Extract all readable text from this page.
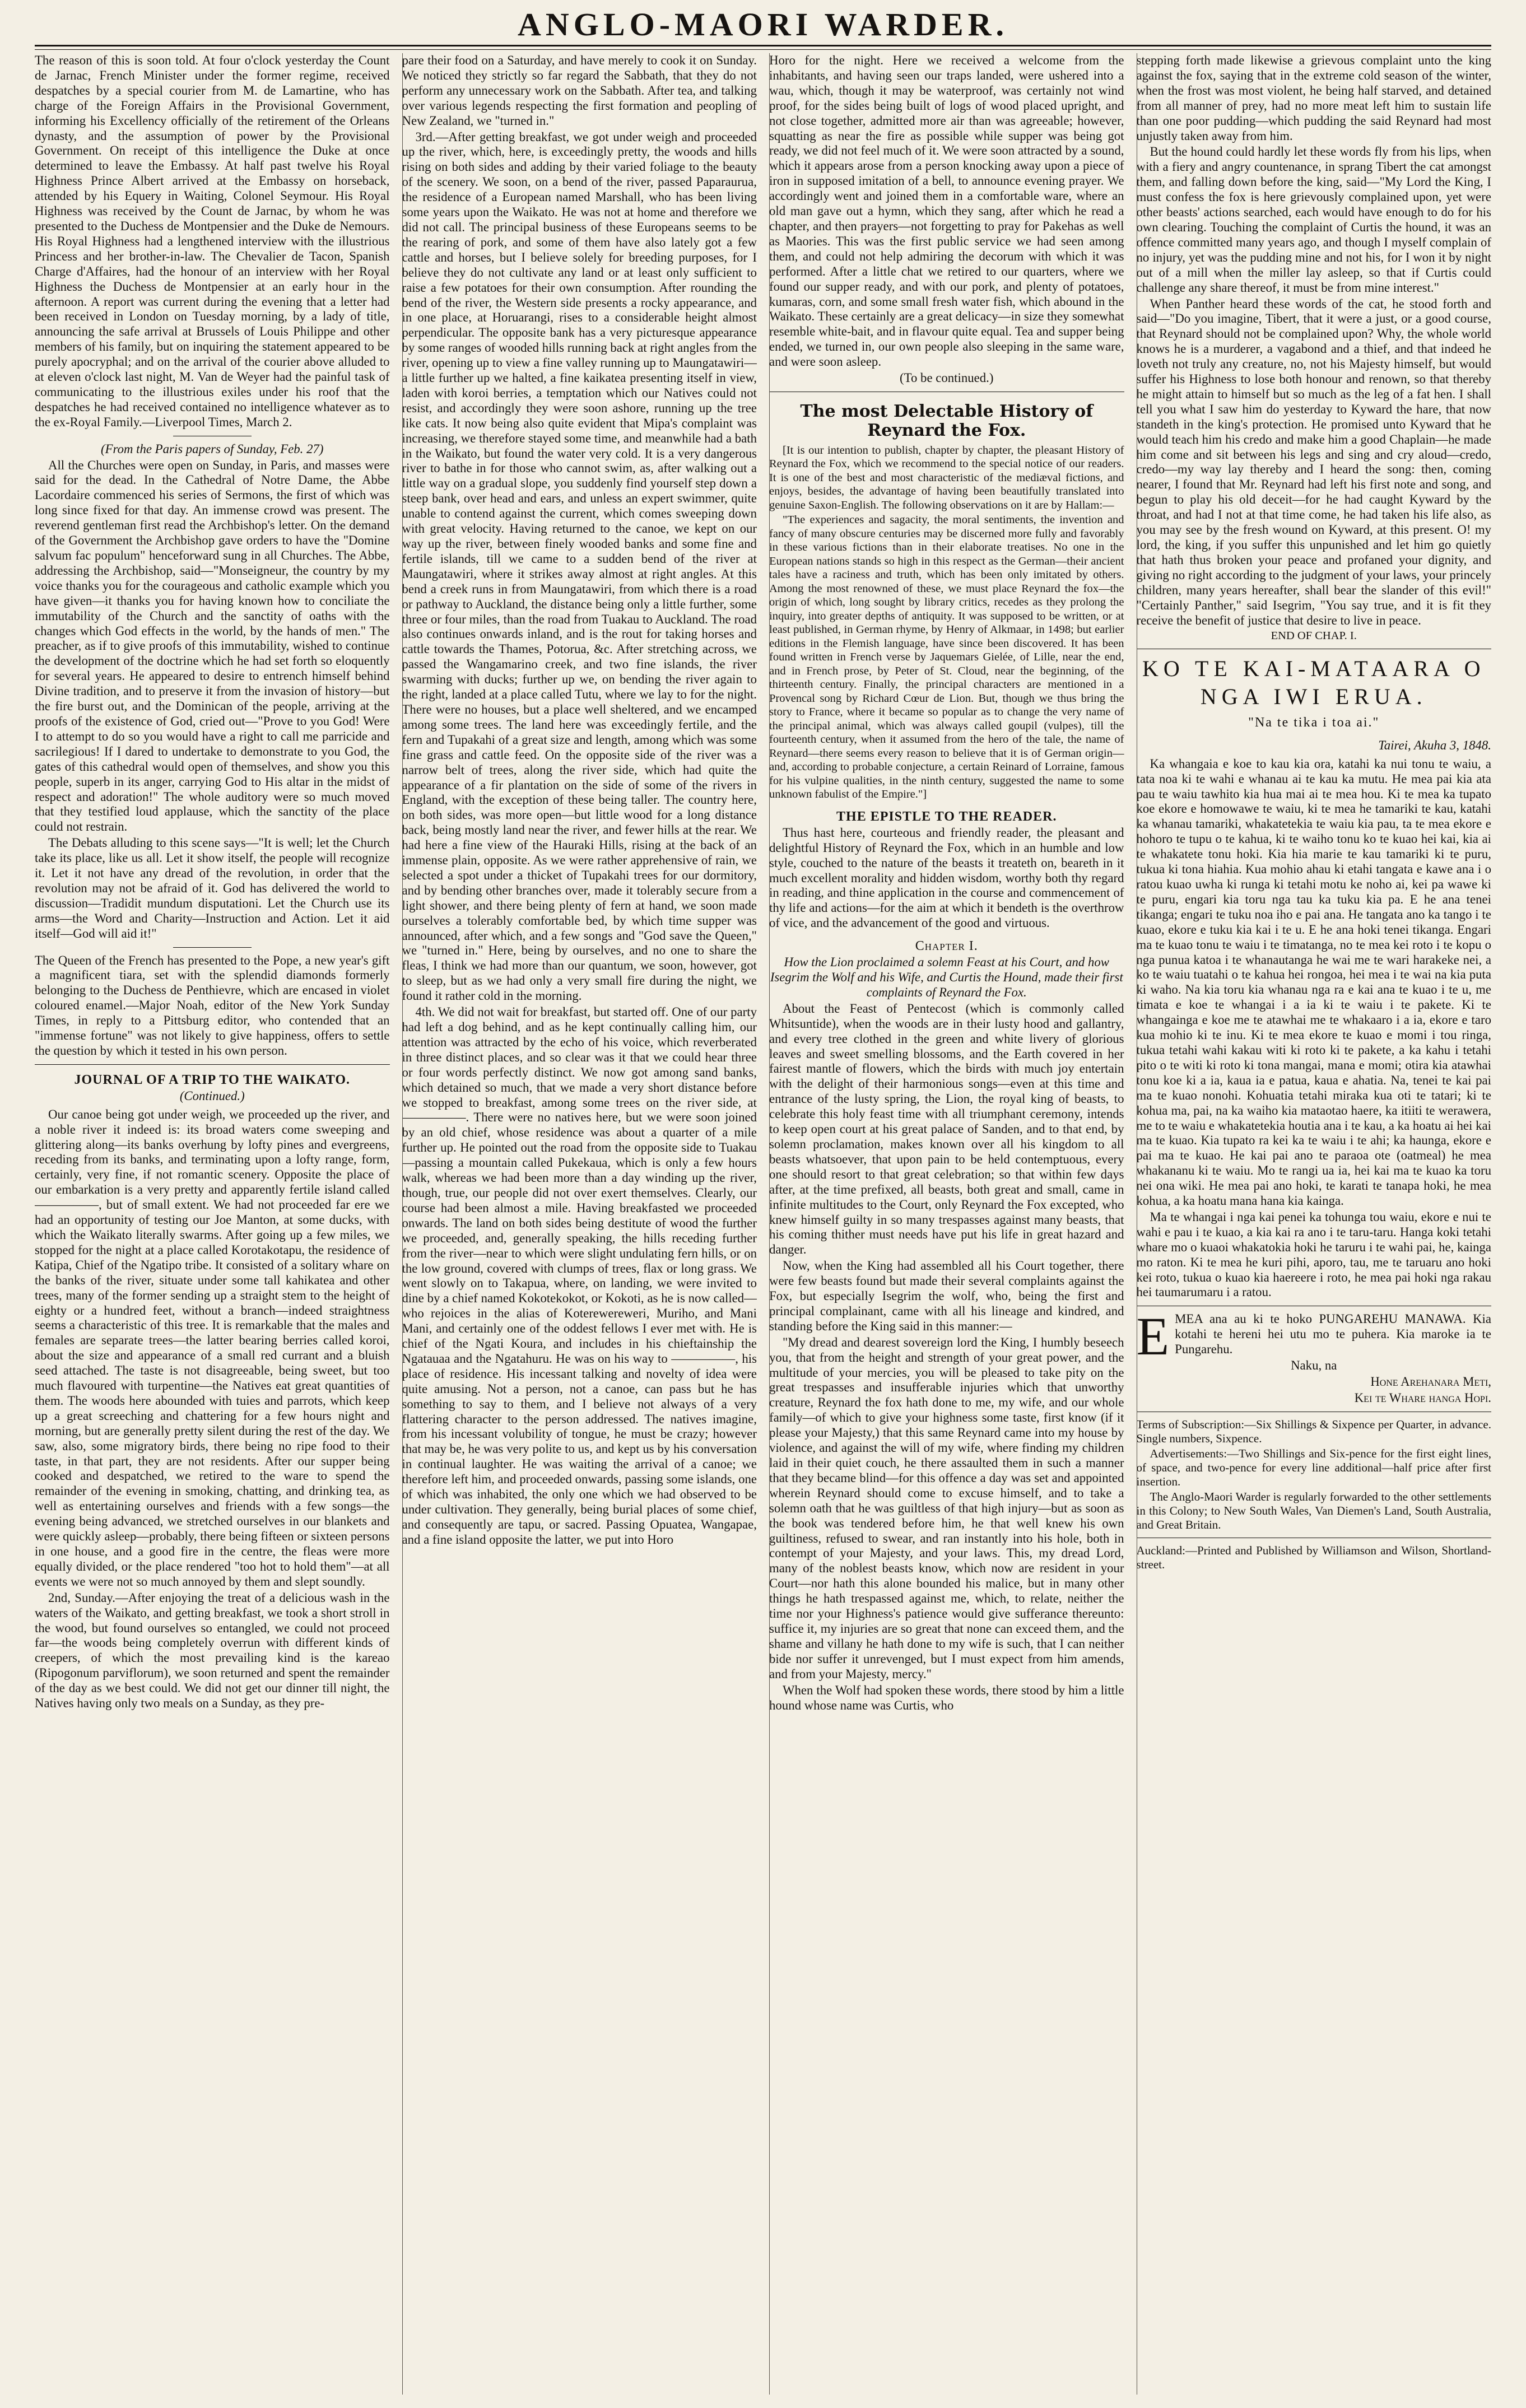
ANGLO-MAORI WARDER.

The reason of this is soon told. At four o'clock yesterday the Count de Jarnac, French Minister under the former regime, received despatches by a special courier from M. de Lamartine, who has charge of the Foreign Affairs in the Provisional Government, informing his Excellency officially of the retirement of the Orleans dynasty, and the assumption of power by the Provisional Government. On receipt of this intelligence the Duke at once determined to leave the Embassy. At half past twelve his Royal Highness Prince Albert arrived at the Embassy on horseback, attended by his Equery in Waiting, Colonel Seymour. His Royal Highness was received by the Count de Jarnac, by whom he was presented to the Duchess de Montpensier and the Duke de Nemours. His Royal Highness had a lengthened interview with the illustrious Princess and her brother-in-law. The Chevalier de Tacon, Spanish Charge d'Affaires, had the honour of an interview with her Royal Highness the Duchess de Montpensier at an early hour in the afternoon. A report was current during the evening that a letter had been received in London on Tuesday morning, by a lady of title, announcing the safe arrival at Brussels of Louis Philippe and other members of his family, but on inquiring the statement appeared to be purely apocryphal; and on the arrival of the courier above alluded to at eleven o'clock last night, M. Van de Weyer had the painful task of communicating to the illustrious exiles under his roof that the despatches he had received contained no intelligence whatever as to the ex-Royal Family.—Liverpool Times, March 2.

(From the Paris papers of Sunday, Feb. 27)

All the Churches were open on Sunday, in Paris, and masses were said for the dead. In the Cathedral of Notre Dame, the Abbe Lacordaire commenced his series of Sermons, the first of which was long since fixed for that day. An immense crowd was present. The reverend gentleman first read the Archbishop's letter. On the demand of the Government the Archbishop gave orders to have the "Domine salvum fac populum" henceforward sung in all Churches. The Abbe, addressing the Archbishop, said—"Monseigneur, the country by my voice thanks you for the courageous and catholic example which you have given—it thanks you for having known how to conciliate the immutability of the Church and the sanctity of oaths with the changes which God effects in the world, by the hands of men." The preacher, as if to give proofs of this immutability, wished to continue the development of the doctrine which he had set forth so eloquently for several years. He appeared to desire to entrench himself behind Divine tradition, and to preserve it from the invasion of history—but the fire burst out, and the Dominican of the people, arriving at the proofs of the existence of God, cried out—"Prove to you God! Were I to attempt to do so you would have a right to call me parricide and sacrilegious! If I dared to undertake to demonstrate to you God, the gates of this cathedral would open of themselves, and show you this people, superb in its anger, carrying God to His altar in the midst of respect and adoration!" The whole auditory were so much moved that they testified loud applause, which the sanctity of the place could not restrain.

The Debats alluding to this scene says—"It is well; let the Church take its place, like us all. Let it show itself, the people will recognize it. Let it not have any dread of the revolution, in order that the revolution may not be afraid of it. God has delivered the world to discussion—Tradidit mundum disputationi. Let the Church use its arms—the Word and Charity—Instruction and Action. Let it aid itself—God will aid it!"

The Queen of the French has presented to the Pope, a new year's gift a magnificent tiara, set with the splendid diamonds formerly belonging to the Duchess de Penthievre, which are encased in violet coloured enamel.—Major Noah, editor of the New York Sunday Times, in reply to a Pittsburg editor, who contended that an "immense fortune" was not likely to give happiness, offers to settle the question by which it tested in his own person.

JOURNAL OF A TRIP TO THE WAIKATO.
(Continued.)

Our canoe being got under weigh, we proceeded up the river, and a noble river it indeed is: its broad waters come sweeping and glittering along—its banks overhung by lofty pines and evergreens, receding from its banks, and terminating upon a lofty range, form, certainly, very fine, if not romantic scenery. Opposite the place of our embarkation is a very pretty and apparently fertile island called —————, but of small extent. We had not proceeded far ere we had an opportunity of testing our Joe Manton, at some ducks, with which the Waikato literally swarms. After going up a few miles, we stopped for the night at a place called Korotakotapu, the residence of Katipa, Chief of the Ngatipo tribe. It consisted of a solitary whare on the banks of the river, situate under some tall kahikatea and other trees, many of the former sending up a straight stem to the height of eighty or a hundred feet, without a branch—indeed straightness seems a characteristic of this tree. It is remarkable that the males and females are separate trees—the latter bearing berries called koroi, about the size and appearance of a small red currant and a bluish seed attached. The taste is not disagreeable, being sweet, but too much flavoured with turpentine—the Natives eat great quantities of them. The woods here abounded with tuies and parrots, which keep up a great screeching and chattering for a few hours night and morning, but are generally pretty silent during the rest of the day. We saw, also, some migratory birds, there being no ripe food to their taste, in that part, they are not residents. After our supper being cooked and despatched, we retired to the ware to spend the remainder of the evening in smoking, chatting, and drinking tea, as well as entertaining ourselves and friends with a few songs—the evening being advanced, we stretched ourselves in our blankets and were quickly asleep—probably, there being fifteen or sixteen persons in one house, and a good fire in the centre, the fleas were more equally divided, or the place rendered "too hot to hold them"—at all events we were not so much annoyed by them and slept soundly.

2nd, Sunday.—After enjoying the treat of a delicious wash in the waters of the Waikato, and getting breakfast, we took a short stroll in the wood, but found ourselves so entangled, we could not proceed far—the woods being completely overrun with different kinds of creepers, of which the most prevailing kind is the kareao (Ripogonum parviflorum), we soon returned and spent the remainder of the day as we best could. We did not get our dinner till night, the Natives having only two meals on a Sunday, as they pre-

pare their food on a Saturday, and have merely to cook it on Sunday. We noticed they strictly so far regard the Sabbath, that they do not perform any unnecessary work on the Sabbath. After tea, and talking over various legends respecting the first formation and peopling of New Zealand, we "turned in."

3rd.—After getting breakfast, we got under weigh and proceeded up the river, which, here, is exceedingly pretty, the woods and hills rising on both sides and adding by their varied foliage to the beauty of the scenery. We soon, on a bend of the river, passed Paparaurua, the residence of a European named Marshall, who has been living some years upon the Waikato. He was not at home and therefore we did not call. The principal business of these Europeans seems to be the rearing of pork, and some of them have also lately got a few cattle and horses, but I believe solely for breeding purposes, for I believe they do not cultivate any land or at least only sufficient to raise a few potatoes for their own consumption. After rounding the bend of the river, the Western side presents a rocky appearance, and in one place, at Horuarangi, rises to a considerable height almost perpendicular. The opposite bank has a very picturesque appearance by some ranges of wooded hills running back at right angles from the river, opening up to view a fine valley running up to Maungatawiri—a little further up we halted, a fine kaikatea presenting itself in view, laden with koroi berries, a temptation which our Natives could not resist, and accordingly they were soon ashore, running up the tree like cats. It now being also quite evident that Mipa's complaint was increasing, we therefore stayed some time, and meanwhile had a bath in the Waikato, but found the water very cold. It is a very dangerous river to bathe in for those who cannot swim, as, after walking out a little way on a gradual slope, you suddenly find yourself step down a steep bank, over head and ears, and unless an expert swimmer, quite unable to contend against the current, which comes sweeping down with great velocity. Having returned to the canoe, we kept on our way up the river, between finely wooded banks and some fine and fertile islands, till we came to a sudden bend of the river at Maungatawiri, where it strikes away almost at right angles. At this bend a creek runs in from Maungatawiri, from which there is a road or pathway to Auckland, the distance being only a little further, some three or four miles, than the road from Tuakau to Auckland. The road also continues onwards inland, and is the rout for taking horses and cattle towards the Thames, Potorua, &c. After stretching across, we passed the Wangamarino creek, and two fine islands, the river swarming with ducks; further up we, on bending the river again to the right, landed at a place called Tutu, where we lay to for the night. There were no houses, but a place well sheltered, and we encamped among some trees. The land here was exceedingly fertile, and the fern and Tupakahi of a great size and length, among which was some fine grass and cattle feed. On the opposite side of the river was a narrow belt of trees, along the river side, which had quite the appearance of a fir plantation on the side of some of the rivers in England, with the exception of these being taller. The country here, on both sides, was more open—but little wood for a long distance back, being mostly land near the river, and fewer hills at the rear. We had here a fine view of the Hauraki Hills, rising at the back of an immense plain, opposite. As we were rather apprehensive of rain, we selected a spot under a thicket of Tupakahi trees for our dormitory, and by bending other branches over, made it tolerably secure from a light shower, and there being plenty of fern at hand, we soon made ourselves a tolerably comfortable bed, by which time supper was announced, after which, and a few songs and "God save the Queen," we "turned in." Here, being by ourselves, and no one to share the fleas, I think we had more than our quantum, we soon, however, got to sleep, but as we had only a very small fire during the night, we found it rather cold in the morning.

4th. We did not wait for breakfast, but started off. One of our party had left a dog behind, and as he kept continually calling him, our attention was attracted by the echo of his voice, which reverberated in three distinct places, and so clear was it that we could hear three or four words perfectly distinct. We now got among sand banks, which detained so much, that we made a very short distance before we stopped to breakfast, among some trees on the river side, at —————. There were no natives here, but we were soon joined by an old chief, whose residence was about a quarter of a mile further up. He pointed out the road from the opposite side to Tuakau—passing a mountain called Pukekaua, which is only a few hours walk, whereas we had been more than a day winding up the river, though, true, our people did not over exert themselves. Clearly, our course had been almost a mile. Having breakfasted we proceeded onwards. The land on both sides being destitute of wood the further we proceeded, and, generally speaking, the hills receding further from the river—near to which were slight undulating fern hills, or on the low ground, covered with clumps of trees, flax or long grass. We went slowly on to Takapua, where, on landing, we were invited to dine by a chief named Kokotekokot, or Kokoti, as he is now called—who rejoices in the alias of Koterewereweri, Muriho, and Mani Mani, and certainly one of the oddest fellows I ever met with. He is chief of the Ngati Koura, and includes in his chieftainship the Ngatauaa and the Ngatahuru. He was on his way to —————, his place of residence. His incessant talking and novelty of idea were quite amusing. Not a person, not a canoe, can pass but he has something to say to them, and I believe not always of a very flattering character to the person addressed. The natives imagine, from his incessant volubility of tongue, he must be crazy; however that may be, he was very polite to us, and kept us by his conversation in continual laughter. He was waiting the arrival of a canoe; we therefore left him, and proceeded onwards, passing some islands, one of which was inhabited, the only one which we had observed to be under cultivation. They generally, being burial places of some chief, and consequently are tapu, or sacred. Passing Opuatea, Wangapae, and a fine island opposite the latter, we put into Horo

Horo for the night. Here we received a welcome from the inhabitants, and having seen our traps landed, were ushered into a wau, which, though it may be waterproof, was certainly not wind proof, for the sides being built of logs of wood placed upright, and not close together, admitted more air than was agreeable; however, squatting as near the fire as possible while supper was being got ready, we did not feel much of it. We were soon attracted by a sound, which it appears arose from a person knocking away upon a piece of iron in supposed imitation of a bell, to announce evening prayer. We accordingly went and joined them in a comfortable ware, where an old man gave out a hymn, which they sang, after which he read a chapter, and then prayers—not forgetting to pray for Pakehas as well as Maories. This was the first public service we had seen among them, and could not help admiring the decorum with which it was performed. After a little chat we retired to our quarters, where we found our supper ready, and with our pork, and plenty of potatoes, kumaras, corn, and some small fresh water fish, which abound in the Waikato. These certainly are a great delicacy—in size they somewhat resemble white-bait, and in flavour quite equal. Tea and supper being ended, we turned in, our own people also sleeping in the same ware, and were soon asleep.

(To be continued.)

The most Delectable History of Reynard the Fox.

[It is our intention to publish, chapter by chapter, the pleasant History of Reynard the Fox, which we recommend to the special notice of our readers. It is one of the best and most characteristic of the mediæval fictions, and enjoys, besides, the advantage of having been beautifully translated into genuine Saxon-English. The following observations on it are by Hallam:—

"The experiences and sagacity, the moral sentiments, the invention and fancy of many obscure centuries may be discerned more fully and favorably in these various fictions than in their elaborate treatises. No one in the European nations stands so high in this respect as the German—their ancient tales have a raciness and truth, which has been only imitated by others. Among the most renowned of these, we must place Reynard the fox—the origin of which, long sought by library critics, recedes as they prolong the inquiry, into greater depths of antiquity. It was supposed to be written, or at least published, in German rhyme, by Henry of Alkmaar, in 1498; but earlier editions in the Flemish language, have since been discovered. It has been found written in French verse by Jaquemars Gielée, of Lille, near the end, and in French prose, by Peter of St. Cloud, near the beginning, of the thirteenth century. Finally, the principal characters are mentioned in a Provencal song by Richard Cœur de Lion. But, though we thus bring the story to France, where it became so popular as to change the very name of the principal animal, which was always called goupil (vulpes), till the fourteenth century, when it assumed from the hero of the tale, the name of Reynard—there seems every reason to believe that it is of German origin—and, according to probable conjecture, a certain Reinard of Lorraine, famous for his vulpine qualities, in the ninth century, suggested the name to some unknown fabulist of the Empire."]

THE EPISTLE TO THE READER.

Thus hast here, courteous and friendly reader, the pleasant and delightful History of Reynard the Fox, which in an humble and low style, couched to the nature of the beasts it treateth on, beareth in it much excellent morality and hidden wisdom, worthy both thy regard in reading, and thine application in the course and commencement of thy life and actions—for the aim at which it bendeth is the overthrow of vice, and the advancement of the good and virtuous.

Chapter I.

How the Lion proclaimed a solemn Feast at his Court, and how Isegrim the Wolf and his Wife, and Curtis the Hound, made their first complaints of Reynard the Fox.

About the Feast of Pentecost (which is commonly called Whitsuntide), when the woods are in their lusty hood and gallantry, and every tree clothed in the green and white livery of glorious leaves and sweet smelling blossoms, and the Earth covered in her fairest mantle of flowers, which the birds with much joy entertain with the delight of their harmonious songs—even at this time and entrance of the lusty spring, the Lion, the royal king of beasts, to celebrate this holy feast time with all triumphant ceremony, intends to keep open court at his great palace of Sanden, and to that end, by solemn proclamation, makes known over all his kingdom to all beasts whatsoever, that upon pain to be held contemptuous, every one should resort to that great celebration; so that within few days after, at the time prefixed, all beasts, both great and small, came in infinite multitudes to the Court, only Reynard the Fox excepted, who knew himself guilty in so many trespasses against many beasts, that his coming thither must needs have put his life in great hazard and danger.

Now, when the King had assembled all his Court together, there were few beasts found but made their several complaints against the Fox, but especially Isegrim the wolf, who, being the first and principal complainant, came with all his lineage and kindred, and standing before the King said in this manner:—

"My dread and dearest sovereign lord the King, I humbly beseech you, that from the height and strength of your great power, and the multitude of your mercies, you will be pleased to take pity on the great trespasses and insufferable injuries which that unworthy creature, Reynard the fox hath done to me, my wife, and our whole family—of which to give your highness some taste, first know (if it please your Majesty,) that this same Reynard came into my house by violence, and against the will of my wife, where finding my children laid in their quiet couch, he there assaulted them in such a manner that they became blind—for this offence a day was set and appointed wherein Reynard should come to excuse himself, and to take a solemn oath that he was guiltless of that high injury—but as soon as the book was tendered before him, he that well knew his own guiltiness, refused to swear, and ran instantly into his hole, both in contempt of your Majesty, and your laws. This, my dread Lord, many of the noblest beasts know, which now are resident in your Court—nor hath this alone bounded his malice, but in many other things he hath trespassed against me, which, to relate, neither the time nor your Highness's patience would give sufferance thereunto: suffice it, my injuries are so great that none can exceed them, and the shame and villany he hath done to my wife is such, that I can neither bide nor suffer it unrevenged, but I must expect from him amends, and from your Majesty, mercy."

When the Wolf had spoken these words, there stood by him a little hound whose name was Curtis, who

stepping forth made likewise a grievous complaint unto the king against the fox, saying that in the extreme cold season of the winter, when the frost was most violent, he being half starved, and detained from all manner of prey, had no more meat left him to sustain life than one poor pudding—which pudding the said Reynard had most unjustly taken away from him.

But the hound could hardly let these words fly from his lips, when with a fiery and angry countenance, in sprang Tibert the cat amongst them, and falling down before the king, said—"My Lord the King, I must confess the fox is here grievously complained upon, yet were other beasts' actions searched, each would have enough to do for his own clearing. Touching the complaint of Curtis the hound, it was an offence committed many years ago, and though I myself complain of no injury, yet was the pudding mine and not his, for I won it by night out of a mill when the miller lay asleep, so that if Curtis could challenge any share thereof, it must be from mine interest."

When Panther heard these words of the cat, he stood forth and said—"Do you imagine, Tibert, that it were a just, or a good course, that Reynard should not be complained upon? Why, the whole world knows he is a murderer, a vagabond and a thief, and that indeed he loveth not truly any creature, no, not his Majesty himself, but would suffer his Highness to lose both honour and renown, so that thereby he might attain to himself but so much as the leg of a fat hen. I shall tell you what I saw him do yesterday to Kyward the hare, that now standeth in the king's protection. He promised unto Kyward that he would teach him his credo and make him a good Chaplain—he made him come and sit between his legs and sing and cry aloud—credo, credo—my way lay thereby and I heard the song: then, coming nearer, I found that Mr. Reynard had left his first note and song, and begun to play his old deceit—for he had caught Kyward by the throat, and had I not at that time come, he had taken his life also, as you may see by the fresh wound on Kyward, at this present. O! my lord, the king, if you suffer this unpunished and let him go quietly that hath thus broken your peace and profaned your dignity, and giving no right according to the judgment of your laws, your princely children, many years hereafter, shall bear the slander of this evil!" "Certainly Panther," said Isegrim, "You say true, and it is fit they receive the benefit of justice that desire to live in peace.

END OF CHAP. I.

KO TE KAI-MATAARA O NGA IWI ERUA.
"Na te tika i toa ai."
Tairei, Akuha 3, 1848.

Ka whangaia e koe to kau kia ora, katahi ka nui tonu te waiu, a tata noa ki te wahi e whanau ai te kau ka mutu. He mea pai kia ata pau te waiu tawhito kia hua mai ai te mea hou. Ki te mea ka tupato koe ekore e homowawe te waiu, ki te mea he tamariki te kau, katahi ka whanau tamariki, whakatetekia te waiu kia pau, ta te mea ekore e hohoro te tupu o te kahua, ki te waiho tonu ko te kuao hei kai, kia ai te whakatete tonu hoki. Kia hia marie te kau tamariki ki te puru, tukua ki tona hiahia. Kua mohio ahau ki etahi tangata e kawe ana i o ratou kuao uwha ki runga ki tetahi motu ke noho ai, kei pa wawe ki te puru, engari kia toru nga tau ka tuku kia pa. E he ana tenei tikanga; engari te tuku noa iho e pai ana. He tangata ano ka tango i te kuao, ekore e tuku kia kai i te u. E he ana hoki tenei tikanga. Engari ma te kuao tonu te waiu i te timatanga, no te mea kei roto i te kopu o nga punua katoa i te whanautanga he wai me te wari harakeke nei, a ko te waiu tuatahi o te kahua hei rongoa, hei mea i te wai na kia puta ki waho. Na kia toru kia whanau nga ra e kai ana te kuao i te u, me timata e koe te whangai i a ia ki te waiu i te pakete. Ki te whangainga e koe me te atawhai me te whakaaro i a ia, ekore e taro kua mohio ki te inu. Ki te mea ekore te kuao e momi i tou ringa, tukua tetahi wahi kakau witi ki roto ki te pakete, a ka kahu i tetahi pito o te witi ki roto ki tona mangai, mana e momi; otira kia atawhai tonu koe ki a ia, kaua ia e patua, kaua e ahatia. Na, tenei te kai pai ma te kuao nonohi. Kohuatia tetahi miraka kua oti te tatari; ki te kohua ma, pai, na ka waiho kia mataotao haere, ka itiiti te werawera, me to te waiu e whakatetekia houtia ana i te kau, a ka hoatu ai hei kai ma te kuao. Kia tupato ra kei ka te waiu i te ahi; ka haunga, ekore e pai ma te kuao. He kai pai ano te paraoa ote (oatmeal) he mea whakananu ki te waiu. Mo te rangi ua ia, hei kai ma te kuao ka toru nei ona wiki. He mea pai ano hoki, te karati te tanapa hoki, he mea kohua, a ka hoatu mana hana kia kainga.

Ma te whangai i nga kai penei ka tohunga tou waiu, ekore e nui te wahi e pau i te kuao, a kia kai ra ano i te taru-taru. Hanga koki tetahi whare mo o kuaoi whakatokia hoki he taruru i te wahi pai, he, kainga mo raton. Ki te mea he kuri pihi, aporo, tau, me te taruaru ano hoki kei roto, tukua o kuao kia haereere i roto, he mea pai hoki nga rakau hei taumarumaru i a ratou.

EMEA ana au ki te hoko PUNGAREHU MANAWA. Kia kotahi te hereni hei utu mo te puhera. Kia maroke ia te Pungarehu.

Naku, na

Hone Arehanara Meti,

Kei te Whare hanga Hopi.

Terms of Subscription:—Six Shillings & Sixpence per Quarter, in advance. Single numbers, Sixpence.

Advertisements:—Two Shillings and Six-pence for the first eight lines, of space, and two-pence for every line additional—half price after first insertion.

The Anglo-Maori Warder is regularly forwarded to the other settlements in this Colony; to New South Wales, Van Diemen's Land, South Australia, and Great Britain.

Auckland:—Printed and Published by Williamson and Wilson, Shortland-street.
